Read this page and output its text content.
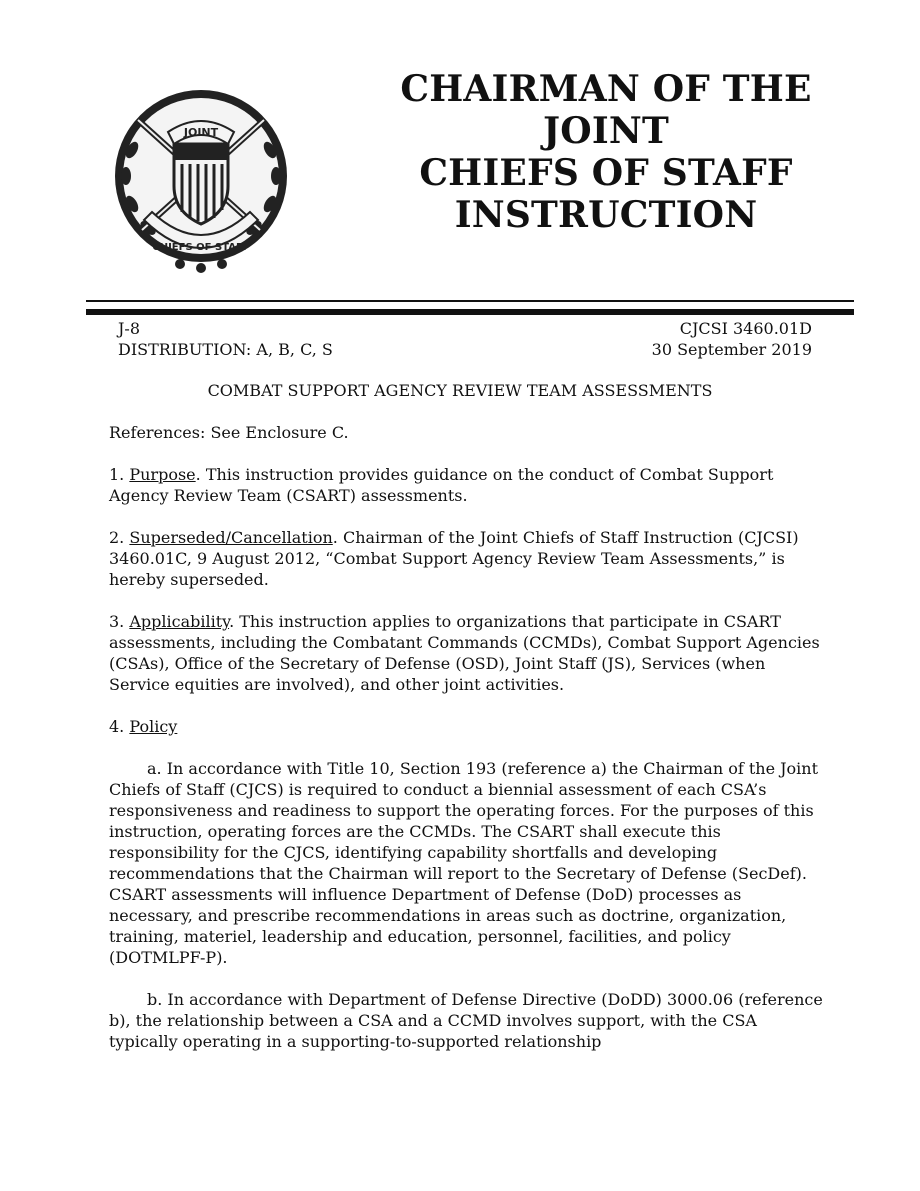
JOINT
CHIEFS OF STAFF
CHAIRMAN OF THE JOINT
CHIEFS OF STAFF
INSTRUCTION
J-8
DISTRIBUTION: A, B, C, S
CJCSI 3460.01D
30 September 2019
COMBAT SUPPORT AGENCY REVIEW TEAM ASSESSMENTS

References: See Enclosure C.

1. Purpose. This instruction provides guidance on the conduct of Combat Support Agency Review Team (CSART) assessments.

2. Superseded/Cancellation. Chairman of the Joint Chiefs of Staff Instruction (CJCSI) 3460.01C, 9 August 2012, “Combat Support Agency Review Team Assessments,” is hereby superseded.

3. Applicability. This instruction applies to organizations that participate in CSART assessments, including the Combatant Commands (CCMDs), Combat Support Agencies (CSAs), Office of the Secretary of Defense (OSD), Joint Staff (JS), Services (when Service equities are involved), and other joint activities.

4. Policy

a. In accordance with Title 10, Section 193 (reference a) the Chairman of the Joint Chiefs of Staff (CJCS) is required to conduct a biennial assessment of each CSA’s responsiveness and readiness to support the operating forces. For the purposes of this instruction, operating forces are the CCMDs. The CSART shall execute this responsibility for the CJCS, identifying capability shortfalls and developing recommendations that the Chairman will report to the Secretary of Defense (SecDef). CSART assessments will influence Department of Defense (DoD) processes as necessary, and prescribe recommendations in areas such as doctrine, organization, training, materiel, leadership and education, personnel, facilities, and policy (DOTMLPF-P).

b. In accordance with Department of Defense Directive (DoDD) 3000.06 (reference b), the relationship between a CSA and a CCMD involves support, with the CSA typically operating in a supporting-to-supported relationship
